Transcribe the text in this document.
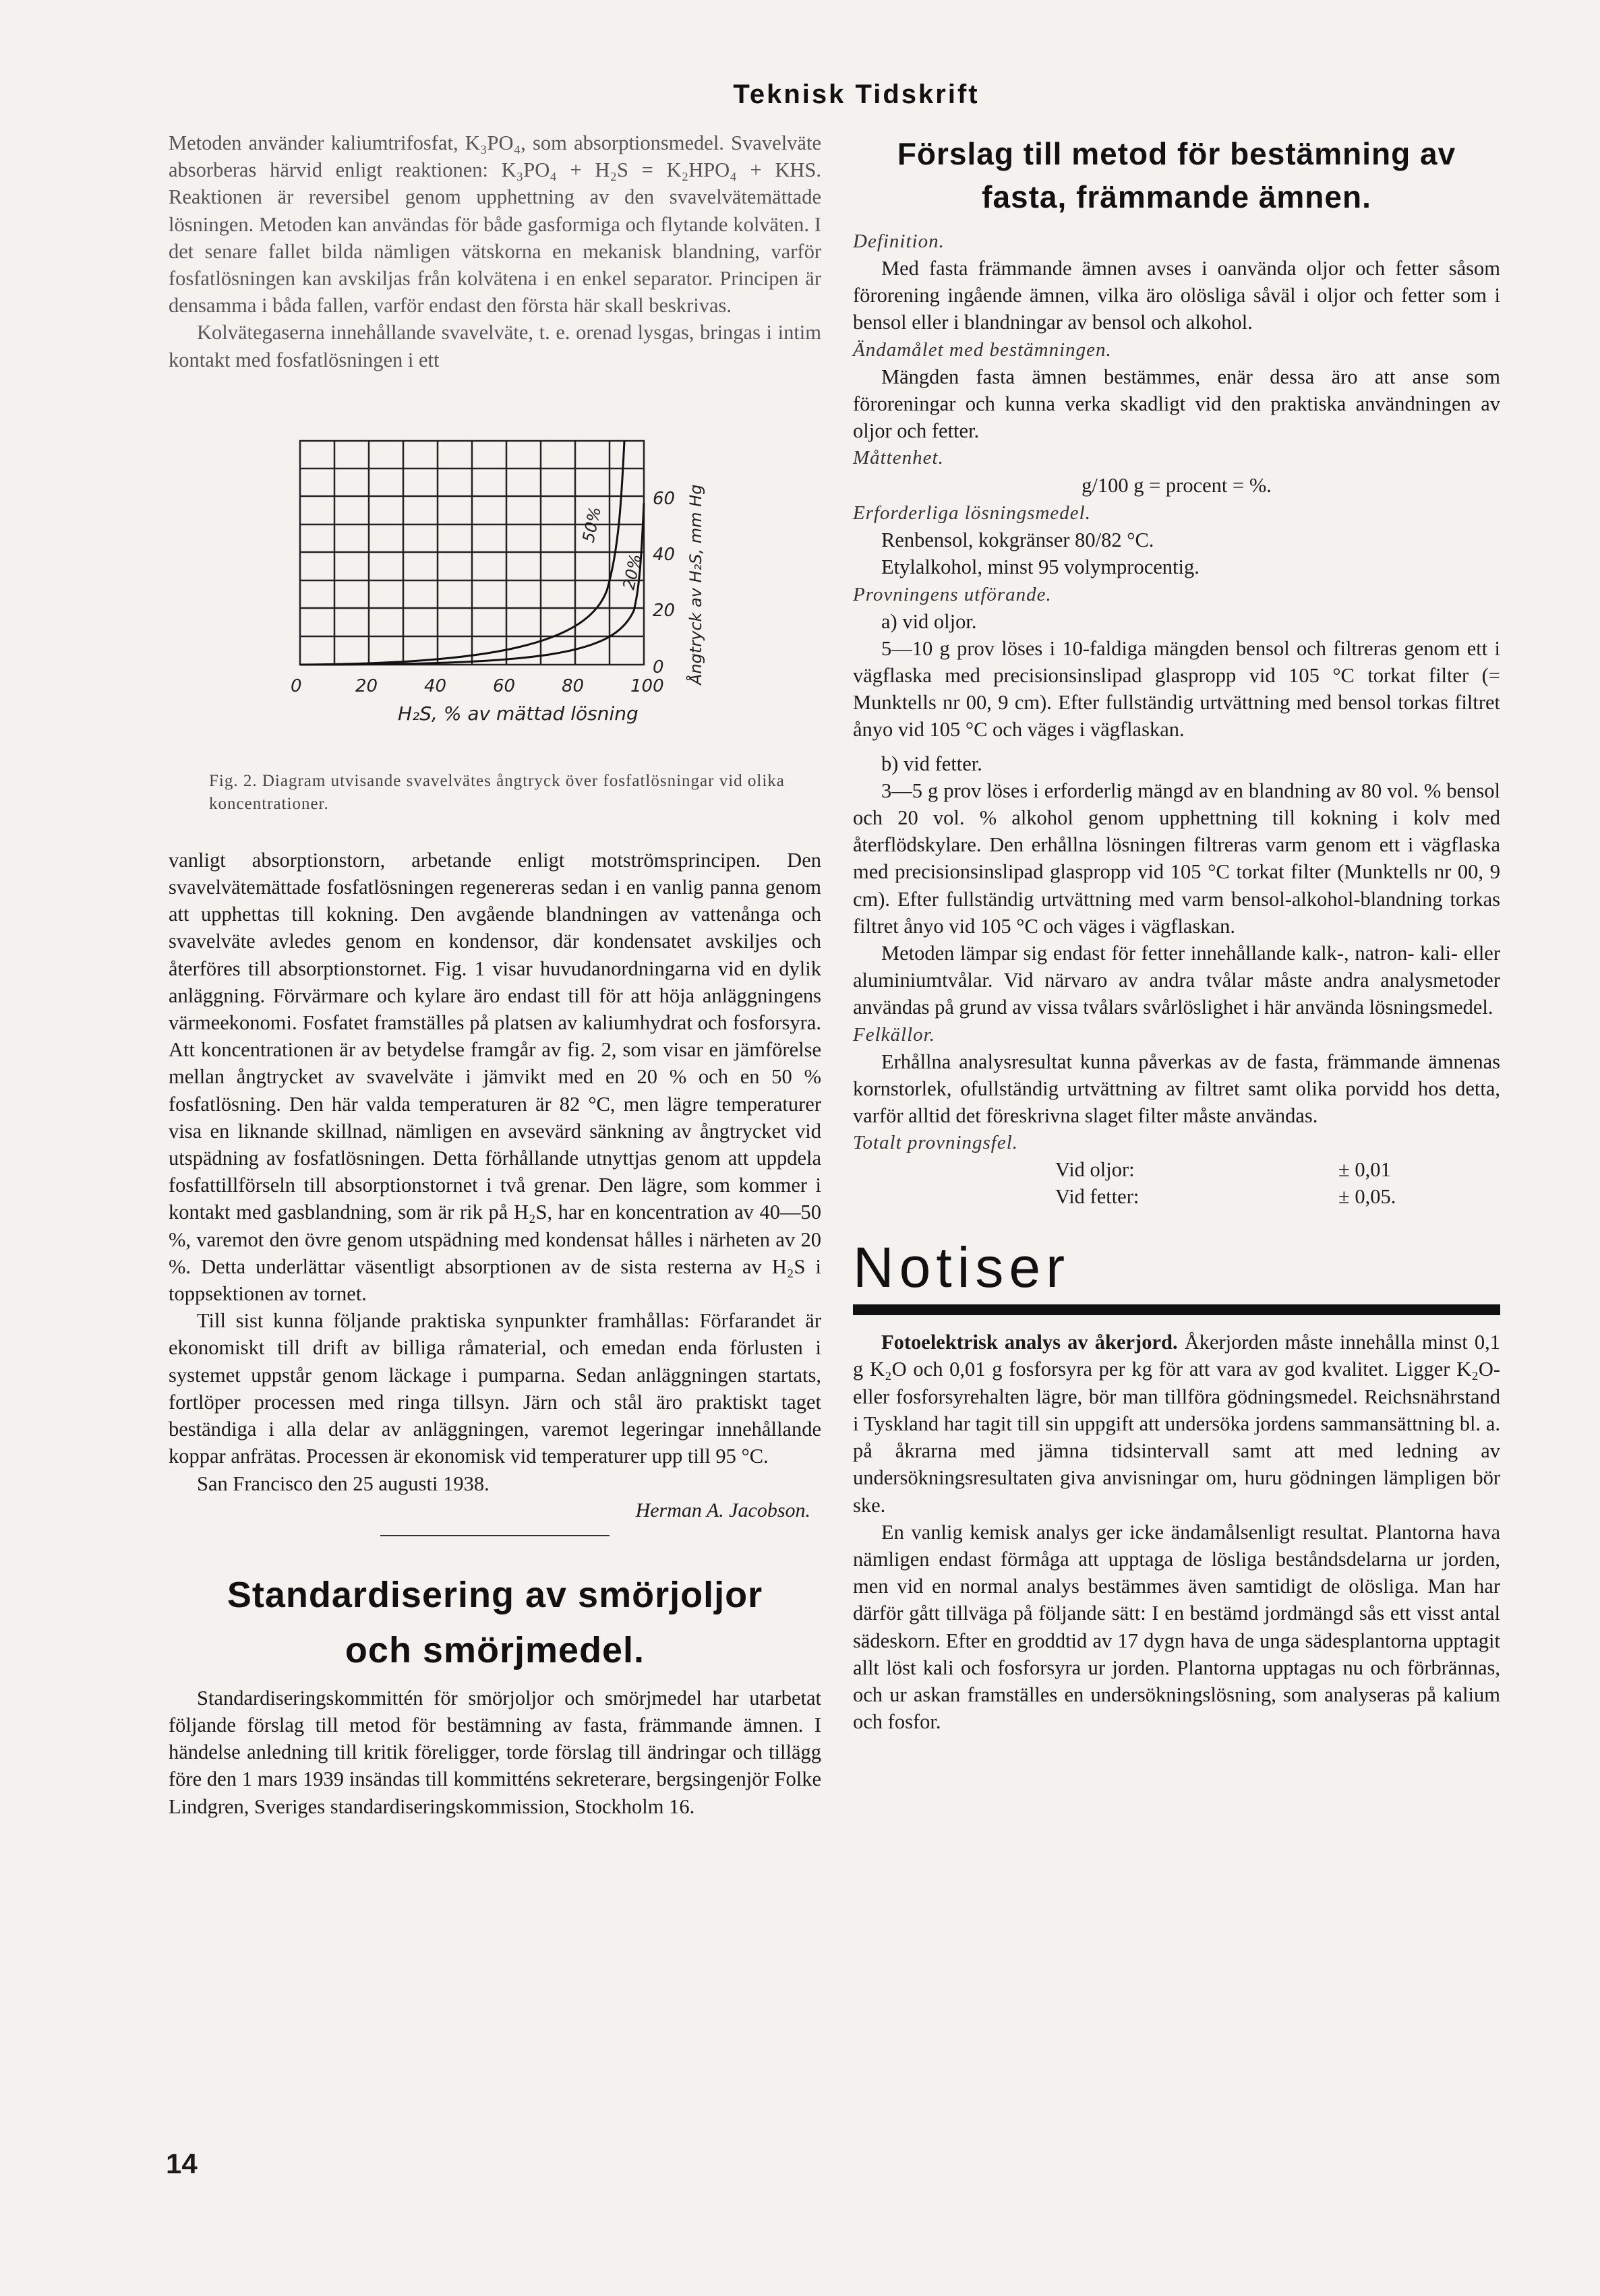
Teknisk Tidskrift

Metoden använder kaliumtrifosfat, K₃PO₄, som absorptionsmedel. Svavelväte absorberas härvid enligt reaktionen: K₃PO₄ + H₂S = K₂HPO₄ + KHS. Reaktionen är reversibel genom upphettning av den svavelvätemättade lösningen. Metoden kan användas för både gasformiga och flytande kolväten. I det senare fallet bilda nämligen vätskorna en mekanisk blandning, varför fosfatlösningen kan avskiljas från kolvätena i en enkel separator. Principen är densamma i båda fallen, varför endast den första här skall beskrivas.

Kolvätegaserna innehållande svavelväte, t. e. orenad lysgas, bringas i intim kontakt med fosfatlösningen i ett

0	20	40	60	80	100
0
20
40
60
H₂S, % av mättad lösning
Ångtryck av H₂S, mm Hg
50%
20%
Fig. 2. Diagram utvisande svavelvätes ångtryck över fosfatlösningar vid olika koncentrationer.

vanligt absorptionstorn, arbetande enligt motströmsprincipen. Den svavelvätemättade fosfatlösningen regenereras sedan i en vanlig panna genom att upphettas till kokning. Den avgående blandningen av vattenånga och svavelväte avledes genom en kondensor, där kondensatet avskiljes och återföres till absorptionstornet. Fig. 1 visar huvudanordningarna vid en dylik anläggning. Förvärmare och kylare äro endast till för att höja anläggningens värmeekonomi. Fosfatet framställes på platsen av kaliumhydrat och fosforsyra. Att koncentrationen är av betydelse framgår av fig. 2, som visar en jämförelse mellan ångtrycket av svavelväte i jämvikt med en 20 % och en 50 % fosfatlösning. Den här valda temperaturen är 82 °C, men lägre temperaturer visa en liknande skillnad, nämligen en avsevärd sänkning av ångtrycket vid utspädning av fosfatlösningen. Detta förhållande utnyttjas genom att uppdela fosfattillförseln till absorptionstornet i två grenar. Den lägre, som kommer i kontakt med gasblandning, som är rik på H₂S, har en koncentration av 40—50 %, varemot den övre genom utspädning med kondensat hålles i närheten av 20 %. Detta underlättar väsentligt absorptionen av de sista resterna av H₂S i toppsektionen av tornet.

Till sist kunna följande praktiska synpunkter framhållas: Förfarandet är ekonomiskt till drift av billiga råmaterial, och emedan enda förlusten i systemet uppstår genom läckage i pumparna. Sedan anläggningen startats, fortlöper processen med ringa tillsyn. Järn och stål äro praktiskt taget beständiga i alla delar av anläggningen, varemot legeringar innehållande koppar anfrätas. Processen är ekonomisk vid temperaturer upp till 95 °C.

San Francisco den 25 augusti 1938.

Herman A. Jacobson.
Standardisering av smörjoljor
och smörjmedel.

Standardiseringskommittén för smörjoljor och smörjmedel har utarbetat följande förslag till metod för bestämning av fasta, främmande ämnen. I händelse anledning till kritik föreligger, torde förslag till ändringar och tillägg före den 1 mars 1939 insändas till kommitténs sekreterare, bergsingenjör Folke Lindgren, Sveriges standardiseringskommission, Stockholm 16.

Förslag till metod för bestämning av
fasta, främmande ämnen.
Definition.

Med fasta främmande ämnen avses i oanvända oljor och fetter såsom förorening ingående ämnen, vilka äro olösliga såväl i oljor och fetter som i bensol eller i blandningar av bensol och alkohol.

Ändamålet med bestämningen.

Mängden fasta ämnen bestämmes, enär dessa äro att anse som föroreningar och kunna verka skadligt vid den praktiska användningen av oljor och fetter.

Måttenhet.
g/100 g = procent = %.
Erforderliga lösningsmedel.

Renbensol, kokgränser 80/82 °C.

Etylalkohol, minst 95 volymprocentig.

Provningens utförande.

a) vid oljor.

5—10 g prov löses i 10-faldiga mängden bensol och filtreras genom ett i vägflaska med precisionsinslipad glaspropp vid 105 °C torkat filter (= Munktells nr 00, 9 cm). Efter fullständig urtvättning med bensol torkas filtret ånyo vid 105 °C och väges i vägflaskan.

b) vid fetter.

3—5 g prov löses i erforderlig mängd av en blandning av 80 vol. % bensol och 20 vol. % alkohol genom upphettning till kokning i kolv med återflödskylare. Den erhållna lösningen filtreras varm genom ett i vägflaska med precisionsinslipad glaspropp vid 105 °C torkat filter (Munktells nr 00, 9 cm). Efter fullständig urtvättning med varm bensol-alkohol-blandning torkas filtret ånyo vid 105 °C och väges i vägflaskan.

Metoden lämpar sig endast för fetter innehållande kalk-, natron- kali- eller aluminiumtvålar. Vid närvaro av andra tvålar måste andra analysmetoder användas på grund av vissa tvålars svårlöslighet i här använda lösningsmedel.

Felkällor.

Erhållna analysresultat kunna påverkas av de fasta, främmande ämnenas kornstorlek, ofullständig urtvättning av filtret samt olika porvidd hos detta, varför alltid det föreskrivna slaget filter måste användas.

Totalt provningsfel.
Vid oljor:	± 0,01
Vid fetter:	± 0,05.
Notiser

Fotoelektrisk analys av åkerjord. Åkerjorden måste innehålla minst 0,1 g K₂O och 0,01 g fosforsyra per kg för att vara av god kvalitet. Ligger K₂O- eller fosforsyrehalten lägre, bör man tillföra gödningsmedel. Reichsnährstand i Tyskland har tagit till sin uppgift att undersöka jordens sammansättning bl. a. på åkrarna med jämna tidsintervall samt att med ledning av undersökningsresultaten giva anvisningar om, huru gödningen lämpligen bör ske.

En vanlig kemisk analys ger icke ändamålsenligt resultat. Plantorna hava nämligen endast förmåga att upptaga de lösliga beståndsdelarna ur jorden, men vid en normal analys bestämmes även samtidigt de olösliga. Man har därför gått tillväga på följande sätt: I en bestämd jordmängd sås ett visst antal sädeskorn. Efter en groddtid av 17 dygn hava de unga sädesplantorna upptagit allt löst kali och fosforsyra ur jorden. Plantorna upptagas nu och förbrännas, och ur askan framställes en undersökningslösning, som analyseras på kalium och fosfor.

14
